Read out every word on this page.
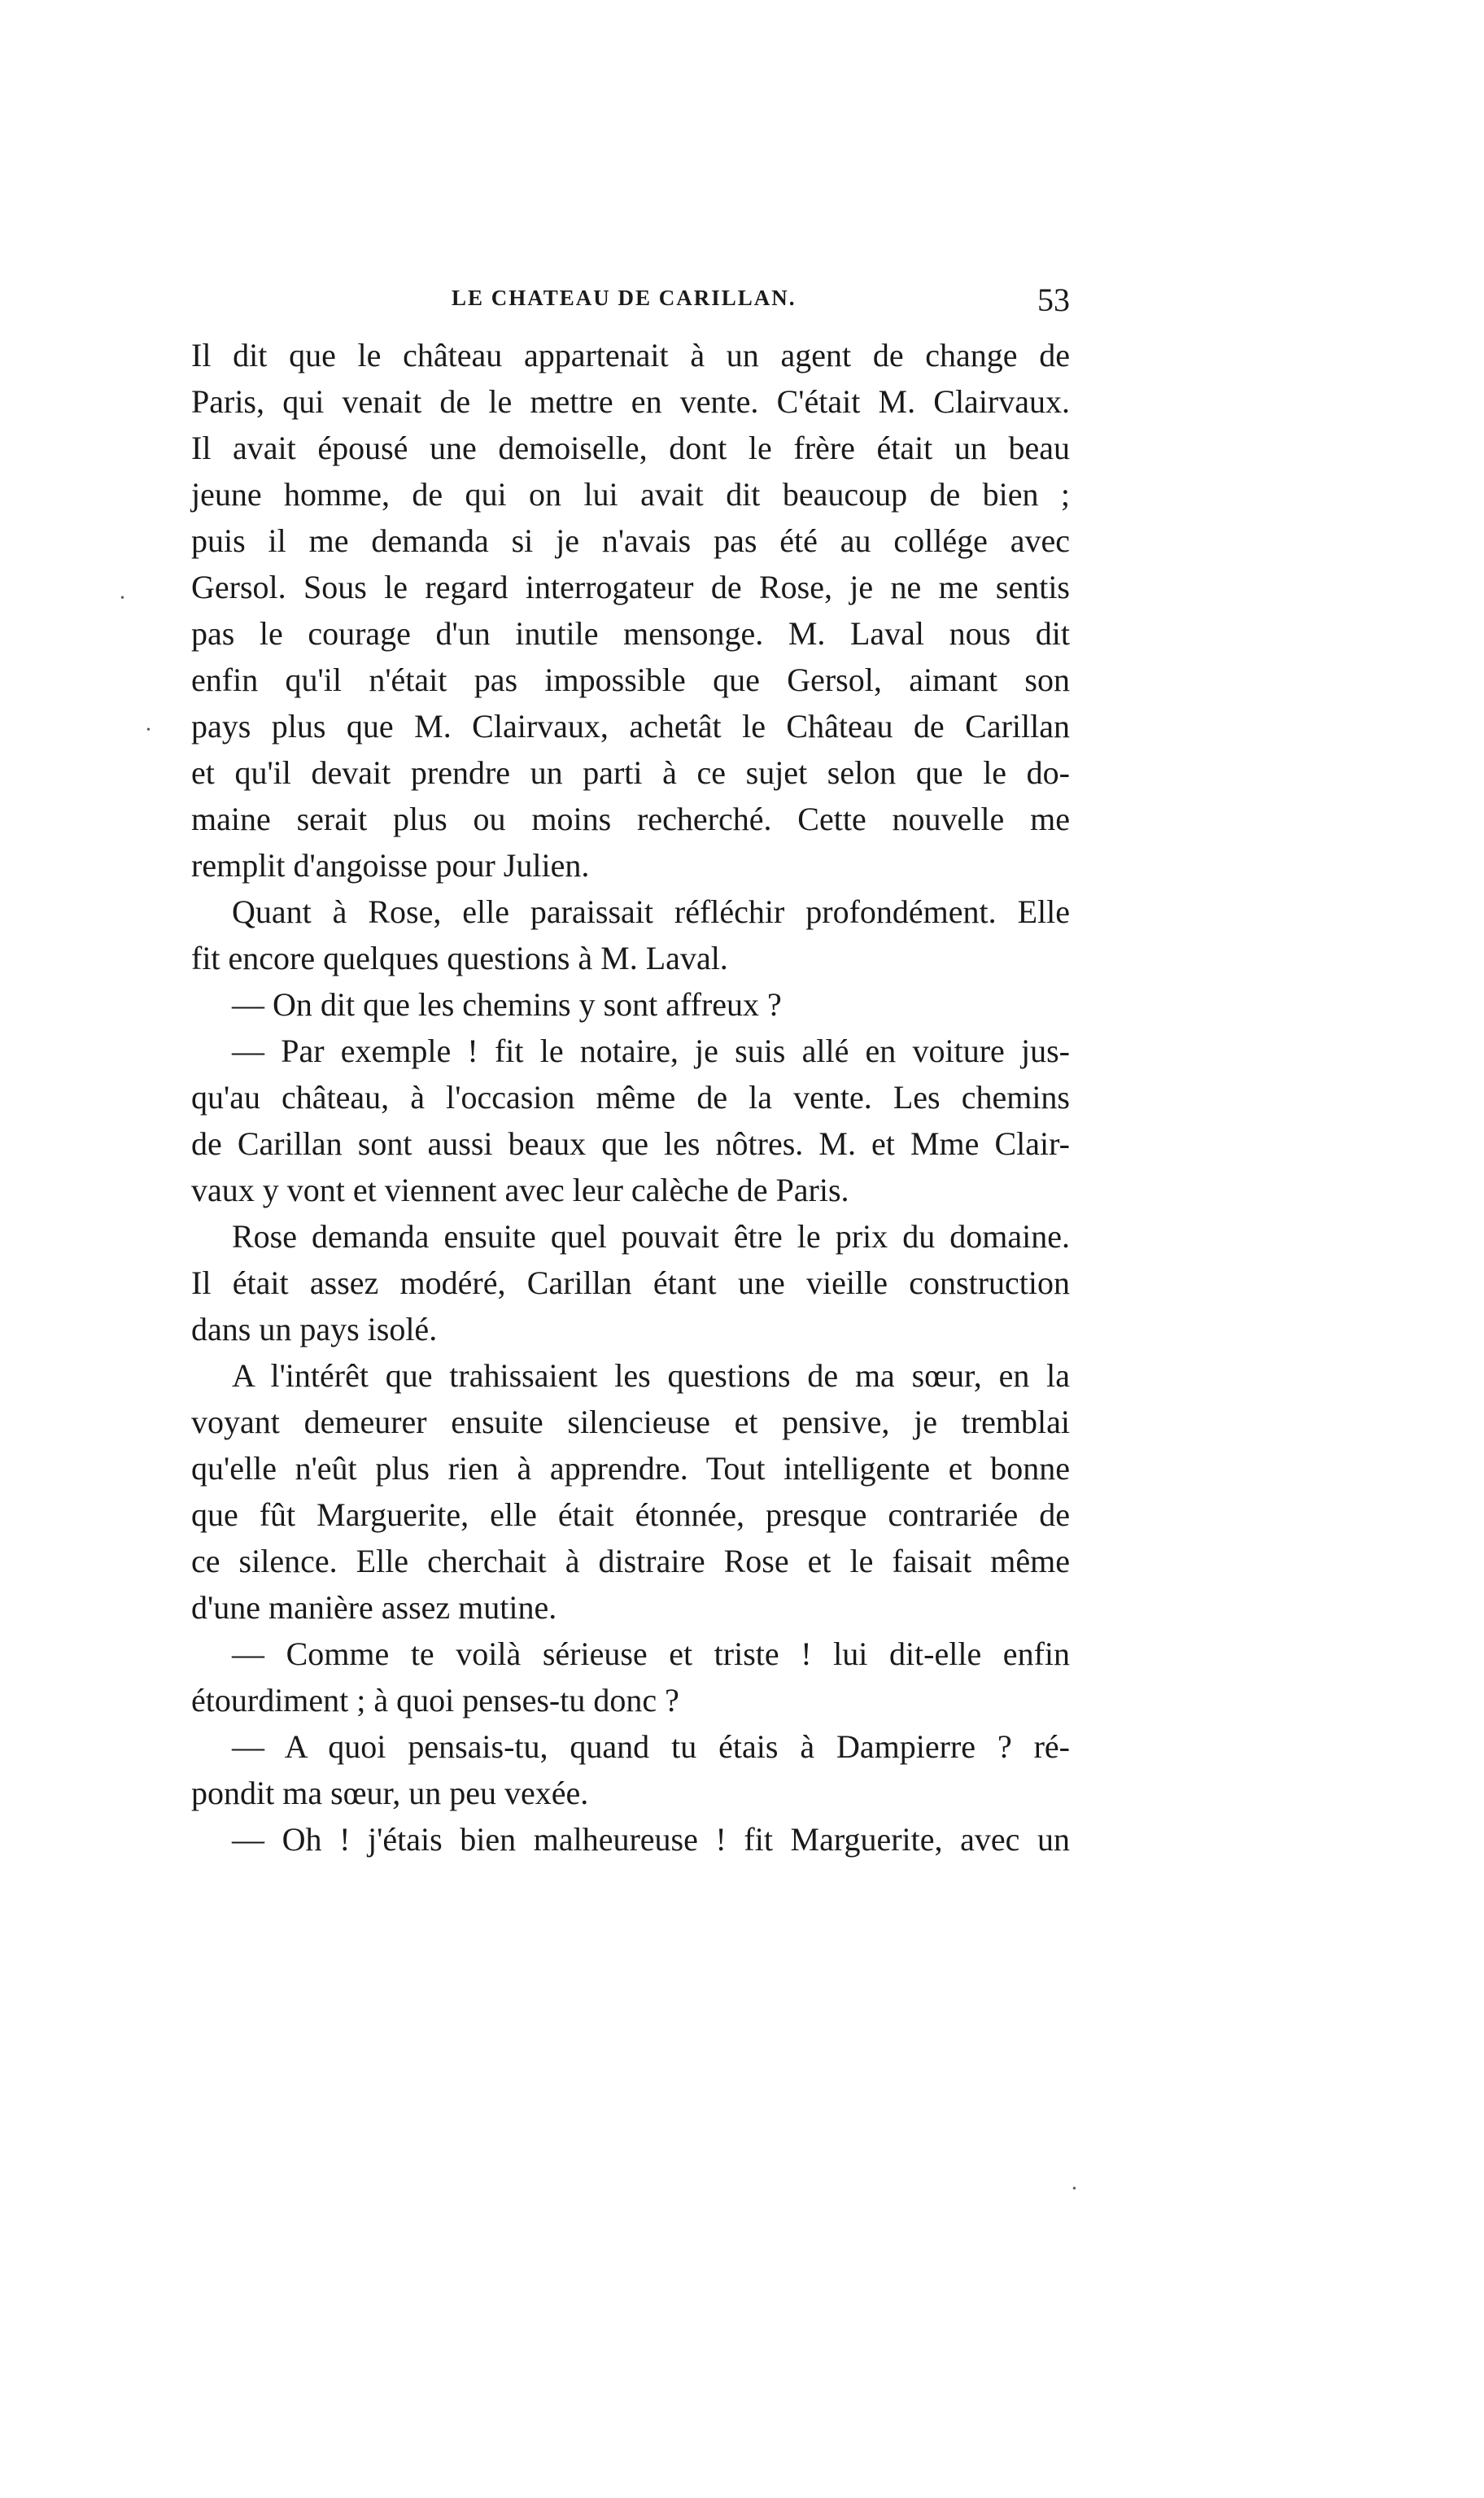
LE CHATEAU DE CARILLAN.	53
Il dit que le château appartenait à un agent de change de
Paris, qui venait de le mettre en vente. C'était M. Clairvaux.
Il avait épousé une demoiselle, dont le frère était un beau
jeune homme, de qui on lui avait dit beaucoup de bien ;
puis il me demanda si je n'avais pas été au collége avec
Gersol. Sous le regard interrogateur de Rose, je ne me sentis
pas le courage d'un inutile mensonge. M. Laval nous dit
enfin qu'il n'était pas impossible que Gersol, aimant son
pays plus que M. Clairvaux, achetât le Château de Carillan
et qu'il devait prendre un parti à ce sujet selon que le do-
maine serait plus ou moins recherché. Cette nouvelle me
remplit d'angoisse pour Julien.
Quant à Rose, elle paraissait réfléchir profondément. Elle
fit encore quelques questions à M. Laval.
— On dit que les chemins y sont affreux ?
— Par exemple ! fit le notaire, je suis allé en voiture jus-
qu'au château, à l'occasion même de la vente. Les chemins
de Carillan sont aussi beaux que les nôtres. M. et Mme Clair-
vaux y vont et viennent avec leur calèche de Paris.
Rose demanda ensuite quel pouvait être le prix du domaine.
Il était assez modéré, Carillan étant une vieille construction
dans un pays isolé.
A l'intérêt que trahissaient les questions de ma sœur, en la
voyant demeurer ensuite silencieuse et pensive, je tremblai
qu'elle n'eût plus rien à apprendre. Tout intelligente et bonne
que fût Marguerite, elle était étonnée, presque contrariée de
ce silence. Elle cherchait à distraire Rose et le faisait même
d'une manière assez mutine.
— Comme te voilà sérieuse et triste ! lui dit-elle enfin
étourdiment ; à quoi penses-tu donc ?
— A quoi pensais-tu, quand tu étais à Dampierre ? ré-
pondit ma sœur, un peu vexée.
— Oh ! j'étais bien malheureuse ! fit Marguerite, avec un
•
•
•
